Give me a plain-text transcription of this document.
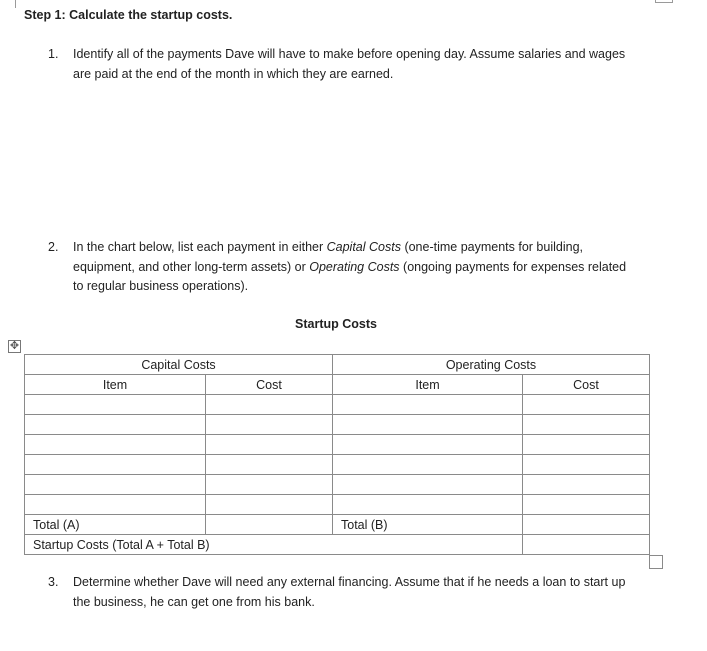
Step 1: Calculate the startup costs.
1. Identify all of the payments Dave will have to make before opening day. Assume salaries and wages are paid at the end of the month in which they are earned.
2. In the chart below, list each payment in either Capital Costs (one-time payments for building, equipment, and other long-term assets) or Operating Costs (ongoing payments for expenses related to regular business operations).
Startup Costs
✥
Capital Costs		Operating Costs	
Item	Cost	Item	Cost

Total (A)		Total (B)	
Startup Costs (Total A + Total B)			
3. Determine whether Dave will need any external financing. Assume that if he needs a loan to start up the business, he can get one from his bank.
